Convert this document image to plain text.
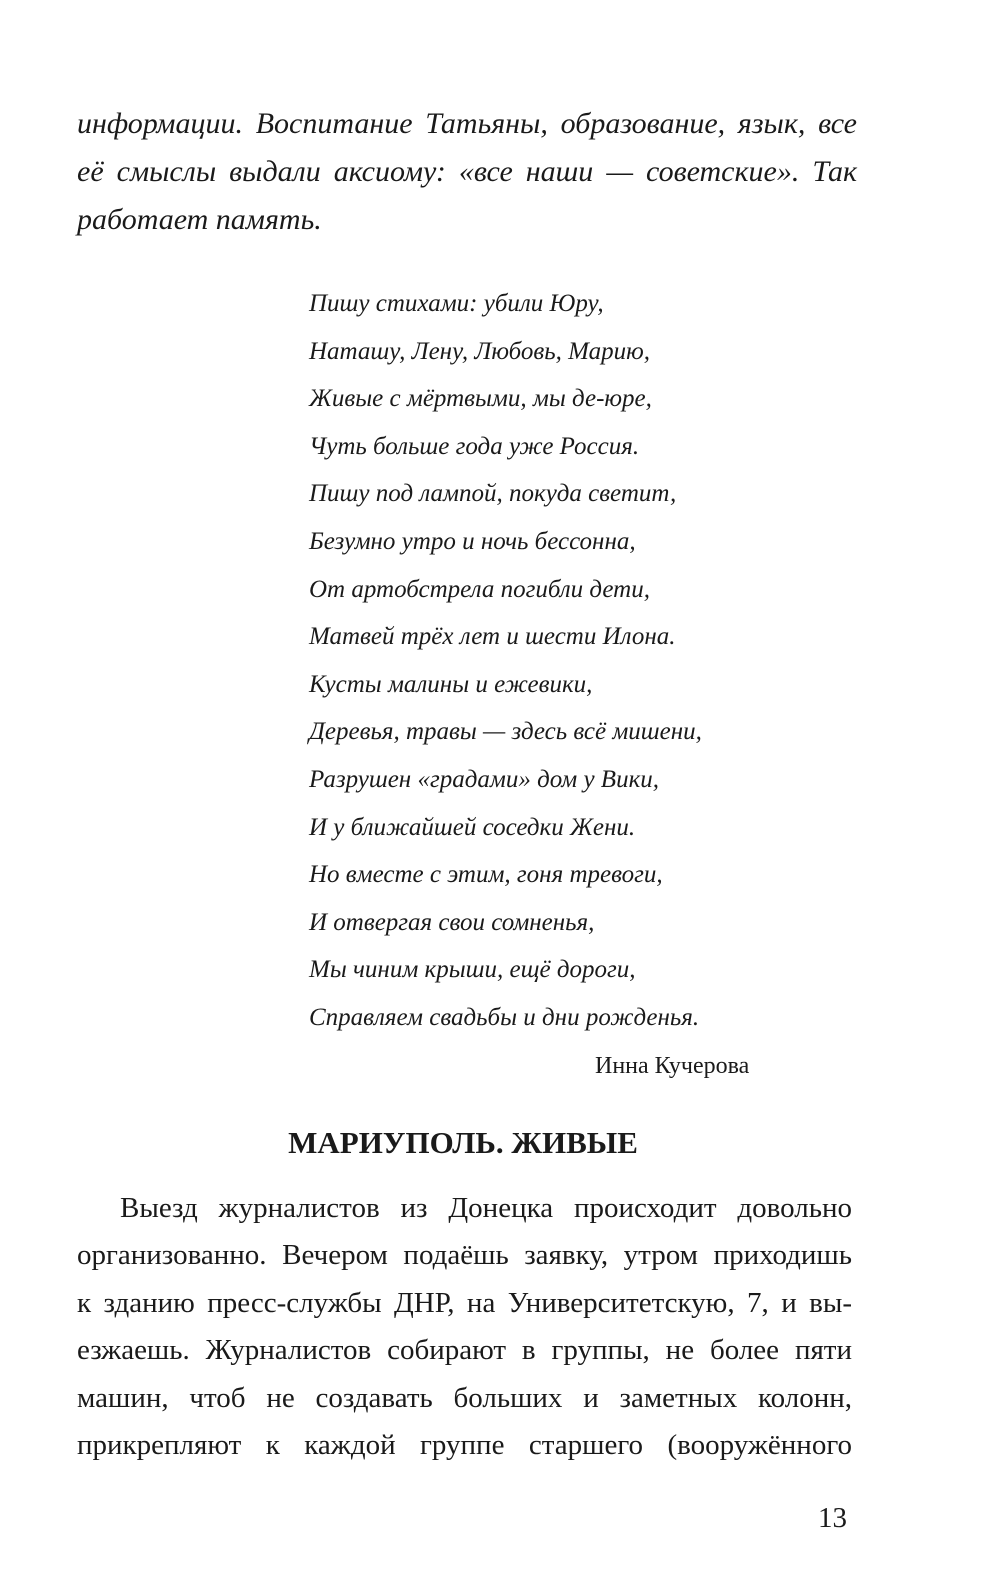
информации. Воспитание Татьяны, образование, язык, все
её смыслы выдали аксиому: «все наши — советские». Так
работает память.
Пишу стихами: убили Юру,
Наташу, Лену, Любовь, Марию,
Живые с мёртвыми, мы де-юре,
Чуть больше года уже Россия.
Пишу под лампой, покуда светит,
Безумно утро и ночь бессонна,
От артобстрела погибли дети,
Матвей трёх лет и шести Илона.
Кусты малины и ежевики,
Деревья, травы — здесь всё мишени,
Разрушен «градами» дом у Вики,
И у ближайшей соседки Жени.
Но вместе с этим, гоня тревоги,
И отвергая свои сомненья,
Мы чиним крыши, ещё дороги,
Справляем свадьбы и дни рожденья.
Инна Кучерова
МАРИУПОЛЬ. ЖИВЫЕ
Выезд журналистов из Донецка происходит довольно
организованно. Вечером подаёшь заявку, утром приходишь
к зданию пресс-службы ДНР, на Университетскую, 7, и вы-
езжаешь. Журналистов собирают в группы, не более пяти
машин, чтоб не создавать больших и заметных колонн,
прикрепляют к каждой группе старшего (вооружённого
13
